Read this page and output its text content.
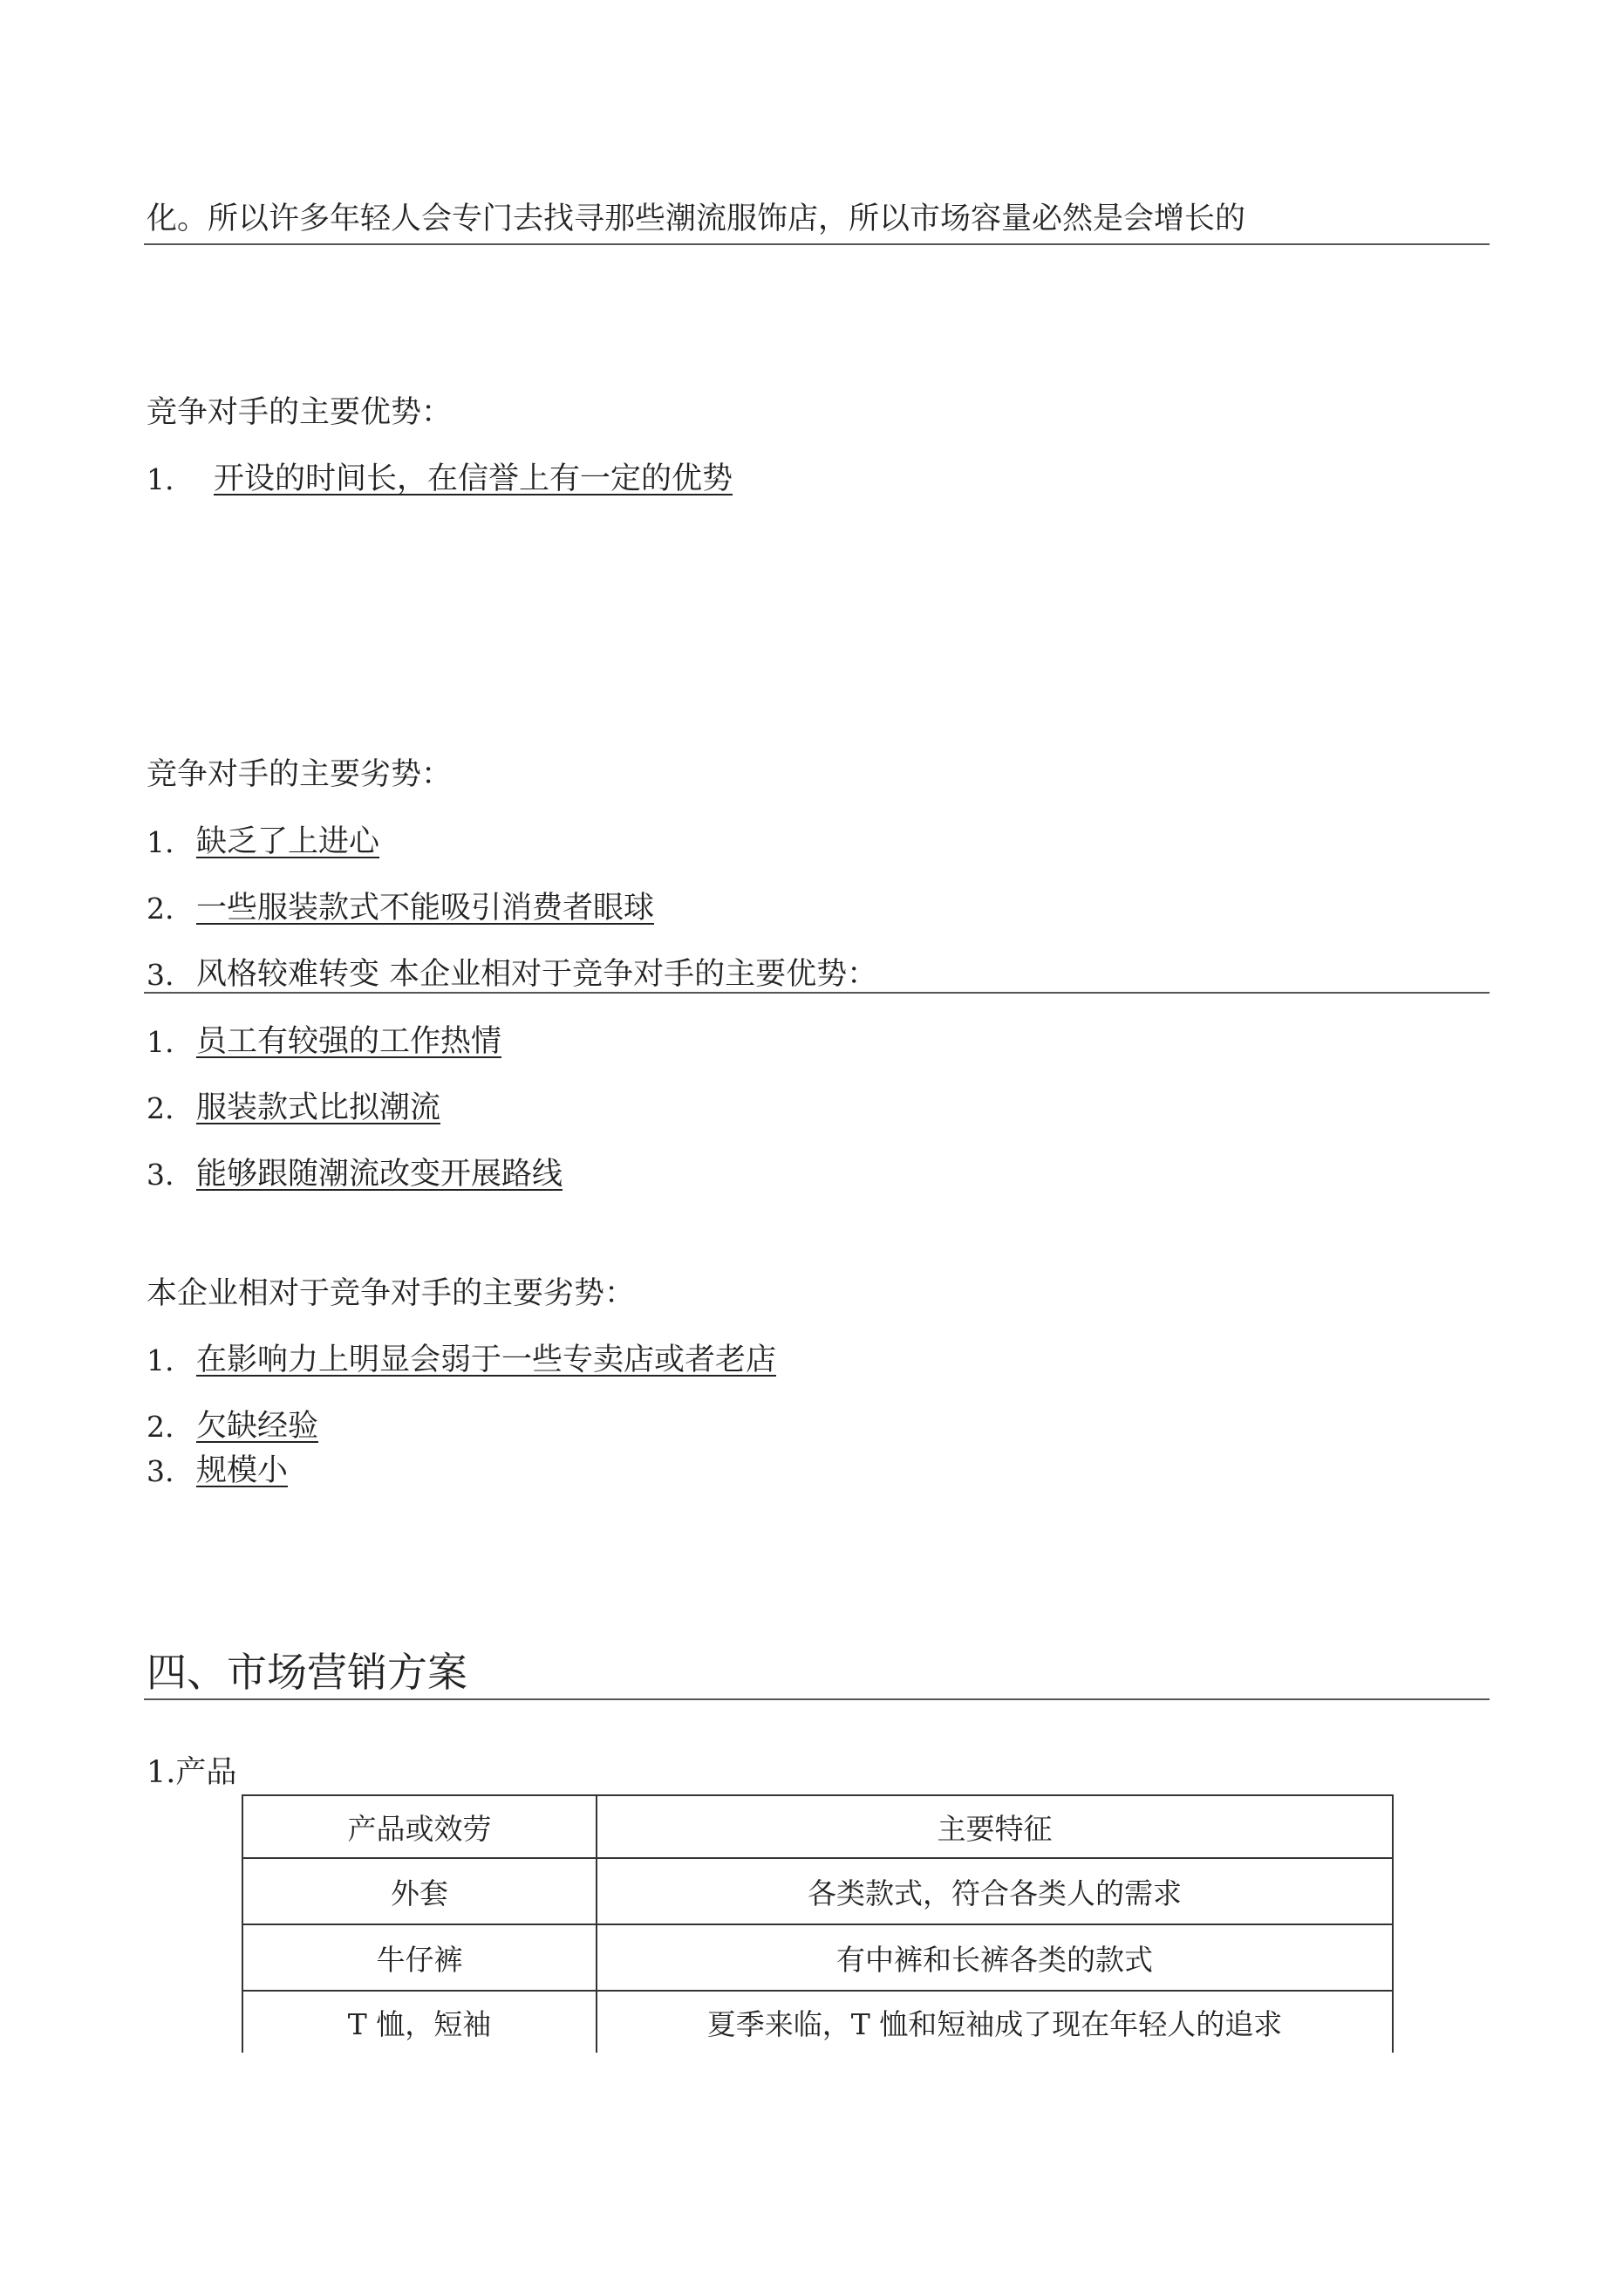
化。所以许多年轻人会专门去找寻那些潮流服饰店，所以市场容量必然是会增长的

竞争对手的主要优势：

1. 开设的时间长，在信誉上有一定的优势

竞争对手的主要劣势：

1. 缺乏了上进心
2. 一些服装款式不能吸引消费者眼球
3. 风格较难转变 本企业相对于竞争对手的主要优势：
1. 员工有较强的工作热情
2. 服装款式比拟潮流
3. 能够跟随潮流改变开展路线

本企业相对于竞争对手的主要劣势：

1. 在影响力上明显会弱于一些专卖店或者老店
2. 欠缺经验
3. 规模小
四、市场营销方案

1.产品

产品或效劳	主要特征
外套	各类款式，符合各类人的需求
牛仔裤	有中裤和长裤各类的款式
T 恤，短袖	夏季来临，T 恤和短袖成了现在年轻人的追求
